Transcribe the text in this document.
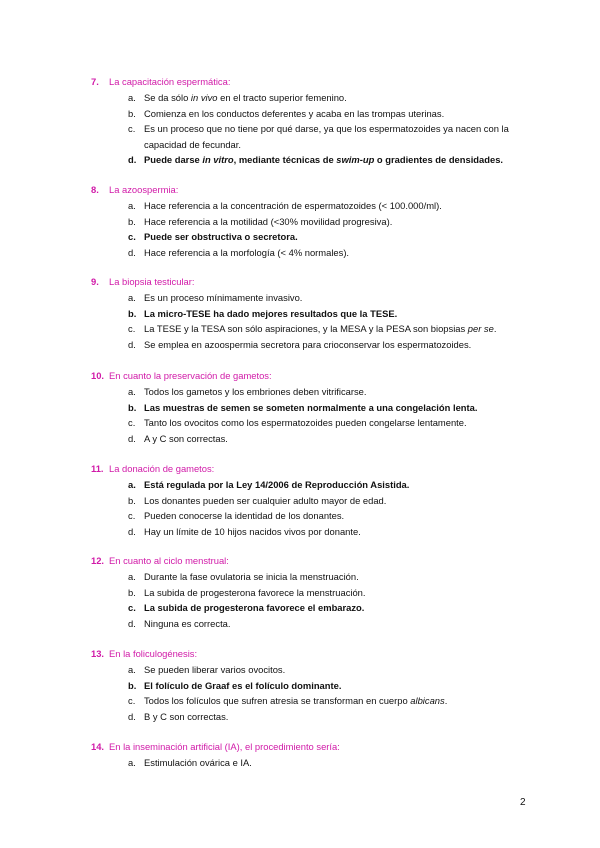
7. La capacitación espermática:
a. Se da sólo in vivo en el tracto superior femenino.
b. Comienza en los conductos deferentes y acaba en las trompas uterinas.
c. Es un proceso que no tiene por qué darse, ya que los espermatozoides ya nacen con la capacidad de fecundar.
d. Puede darse in vitro, mediante técnicas de swim-up o gradientes de densidades.
8. La azoospermia:
a. Hace referencia a la concentración de espermatozoides (< 100.000/ml).
b. Hace referencia a la motilidad (<30% movilidad progresiva).
c. Puede ser obstructiva o secretora.
d. Hace referencia a la morfología (< 4% normales).
9. La biopsia testicular:
a. Es un proceso mínimamente invasivo.
b. La micro-TESE ha dado mejores resultados que la TESE.
c. La TESE y la TESA son sólo aspiraciones, y la MESA y la PESA son biopsias per se.
d. Se emplea en azoospermia secretora para crioconservar los espermatozoides.
10. En cuanto la preservación de gametos:
a. Todos los gametos y los embriones deben vitrificarse.
b. Las muestras de semen se someten normalmente a una congelación lenta.
c. Tanto los ovocitos como los espermatozoides pueden congelarse lentamente.
d. A y C son correctas.
11. La donación de gametos:
a. Está regulada por la Ley 14/2006 de Reproducción Asistida.
b. Los donantes pueden ser cualquier adulto mayor de edad.
c. Pueden conocerse la identidad de los donantes.
d. Hay un límite de 10 hijos nacidos vivos por donante.
12. En cuanto al ciclo menstrual:
a. Durante la fase ovulatoria se inicia la menstruación.
b. La subida de progesterona favorece la menstruación.
c. La subida de progesterona favorece el embarazo.
d. Ninguna es correcta.
13. En la foliculogénesis:
a. Se pueden liberar varios ovocitos.
b. El folículo de Graaf es el folículo dominante.
c. Todos los folículos que sufren atresia se transforman en cuerpo albicans.
d. B y C son correctas.
14. En la inseminación artificial (IA), el procedimiento sería:
a. Estimulación ovárica e IA.
2
